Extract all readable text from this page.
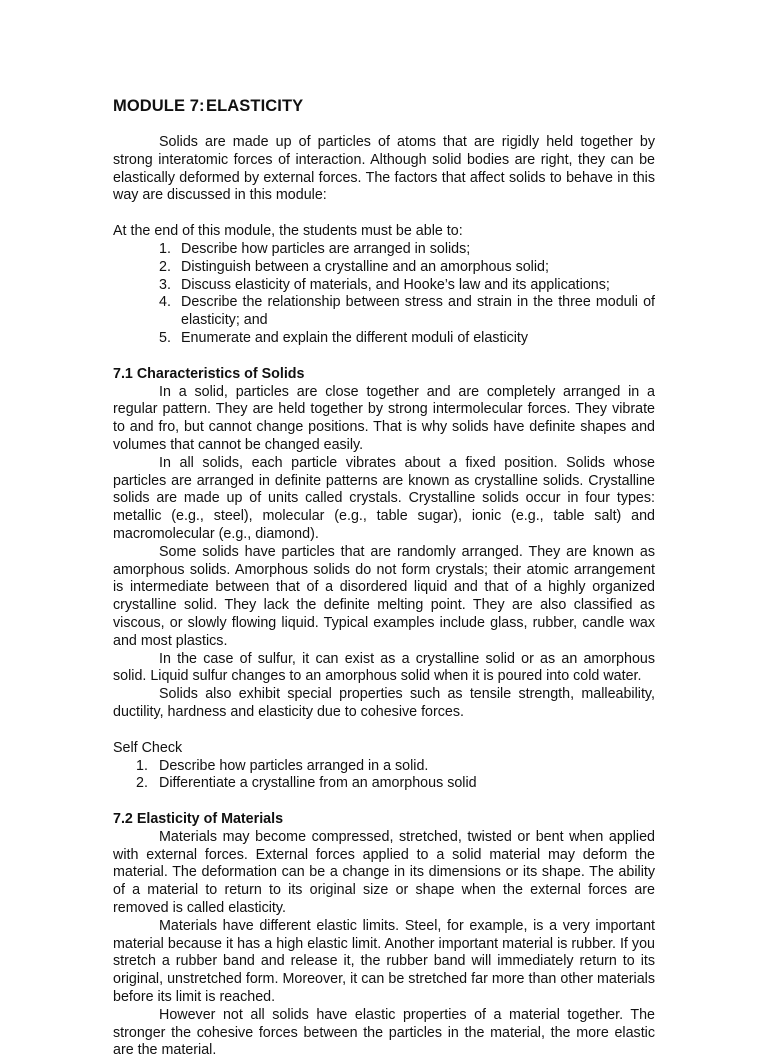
MODULE 7:ELASTICITY

Solids are made up of particles of atoms that are rigidly held together by strong interatomic forces of interaction. Although solid bodies are right, they can be elastically deformed by external forces. The factors that affect solids to behave in this way are discussed in this module:

At the end of this module, the students must be able to:

1. Describe how particles are arranged in solids;
2. Distinguish between a crystalline and an amorphous solid;
3. Discuss elasticity of materials, and Hooke’s law and its applications;
4. Describe the relationship between stress and strain in the three moduli of elasticity; and
5. Enumerate and explain the different moduli of elasticity
7.1 Characteristics of Solids

In a solid, particles are close together and are completely arranged in a regular pattern. They are held together by strong intermolecular forces. They vibrate to and fro, but cannot change positions. That is why solids have definite shapes and volumes that cannot be changed easily.

In all solids, each particle vibrates about a fixed position. Solids whose particles are arranged in definite patterns are known as crystalline solids. Crystalline solids are made up of units called crystals. Crystalline solids occur in four types: metallic (e.g., steel), molecular (e.g., table sugar), ionic (e.g., table salt) and macromolecular (e.g., diamond).

Some solids have particles that are randomly arranged. They are known as amorphous solids. Amorphous solids do not form crystals; their atomic arrangement is intermediate between that of a disordered liquid and that of a highly organized crystalline solid. They lack the definite melting point. They are also classified as viscous, or slowly flowing liquid. Typical examples include glass, rubber, candle wax and most plastics.

In the case of sulfur, it can exist as a crystalline solid or as an amorphous solid. Liquid sulfur changes to an amorphous solid when it is poured into cold water.

Solids also exhibit special properties such as tensile strength, malleability, ductility, hardness and elasticity due to cohesive forces.

Self Check

1. Describe how particles arranged in a solid.
2. Differentiate a crystalline from an amorphous solid
7.2 Elasticity of Materials

Materials may become compressed, stretched, twisted or bent when applied with external forces. External forces applied to a solid material may deform the material. The deformation can be a change in its dimensions or its shape. The ability of a material to return to its original size or shape when the external forces are removed is called elasticity.

Materials have different elastic limits. Steel, for example, is a very important material because it has a high elastic limit. Another important material is rubber. If you stretch a rubber band and release it, the rubber band will immediately return to its original, unstretched form. Moreover, it can be stretched far more than other materials before its limit is reached.

However not all solids have elastic properties of a material together. The stronger the cohesive forces between the particles in the material, the more elastic are the material.
